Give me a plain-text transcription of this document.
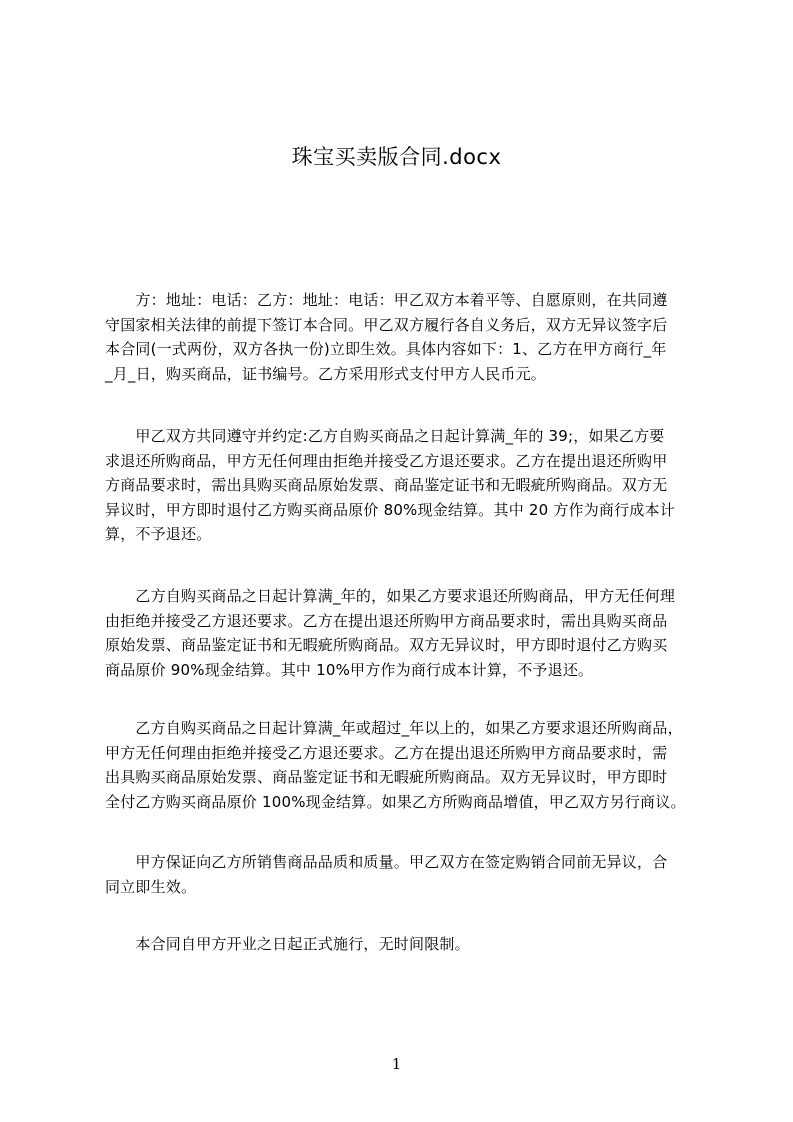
珠宝买卖版合同.docx
　　方：地址：电话：乙方：地址：电话：甲乙双方本着平等、自愿原则，在共同遵
守国家相关法律的前提下签订本合同。甲乙双方履行各自义务后，双方无异议签字后
本合同(一式两份，双方各执一份)立即生效。具体内容如下：1、乙方在甲方商行_年
_月_日，购买商品，证书编号。乙方采用形式支付甲方人民币元。
　　甲乙双方共同遵守并约定:乙方自购买商品之日起计算满_年的 39;，如果乙方要
求退还所购商品，甲方无任何理由拒绝并接受乙方退还要求。乙方在提出退还所购甲
方商品要求时，需出具购买商品原始发票、商品鉴定证书和无暇疵所购商品。双方无
异议时，甲方即时退付乙方购买商品原价 80%现金结算。其中 20 方作为商行成本计
算，不予退还。
　　乙方自购买商品之日起计算满_年的，如果乙方要求退还所购商品，甲方无任何理
由拒绝并接受乙方退还要求。乙方在提出退还所购甲方商品要求时，需出具购买商品
原始发票、商品鉴定证书和无暇疵所购商品。双方无异议时，甲方即时退付乙方购买
商品原价 90%现金结算。其中 10%甲方作为商行成本计算，不予退还。
　　乙方自购买商品之日起计算满_年或超过_年以上的，如果乙方要求退还所购商品，
甲方无任何理由拒绝并接受乙方退还要求。乙方在提出退还所购甲方商品要求时，需
出具购买商品原始发票、商品鉴定证书和无暇疵所购商品。双方无异议时，甲方即时
全付乙方购买商品原价 100%现金结算。如果乙方所购商品增值，甲乙双方另行商议。
　　甲方保证向乙方所销售商品品质和质量。甲乙双方在签定购销合同前无异议，合
同立即生效。
　　本合同自甲方开业之日起正式施行，无时间限制。
1
